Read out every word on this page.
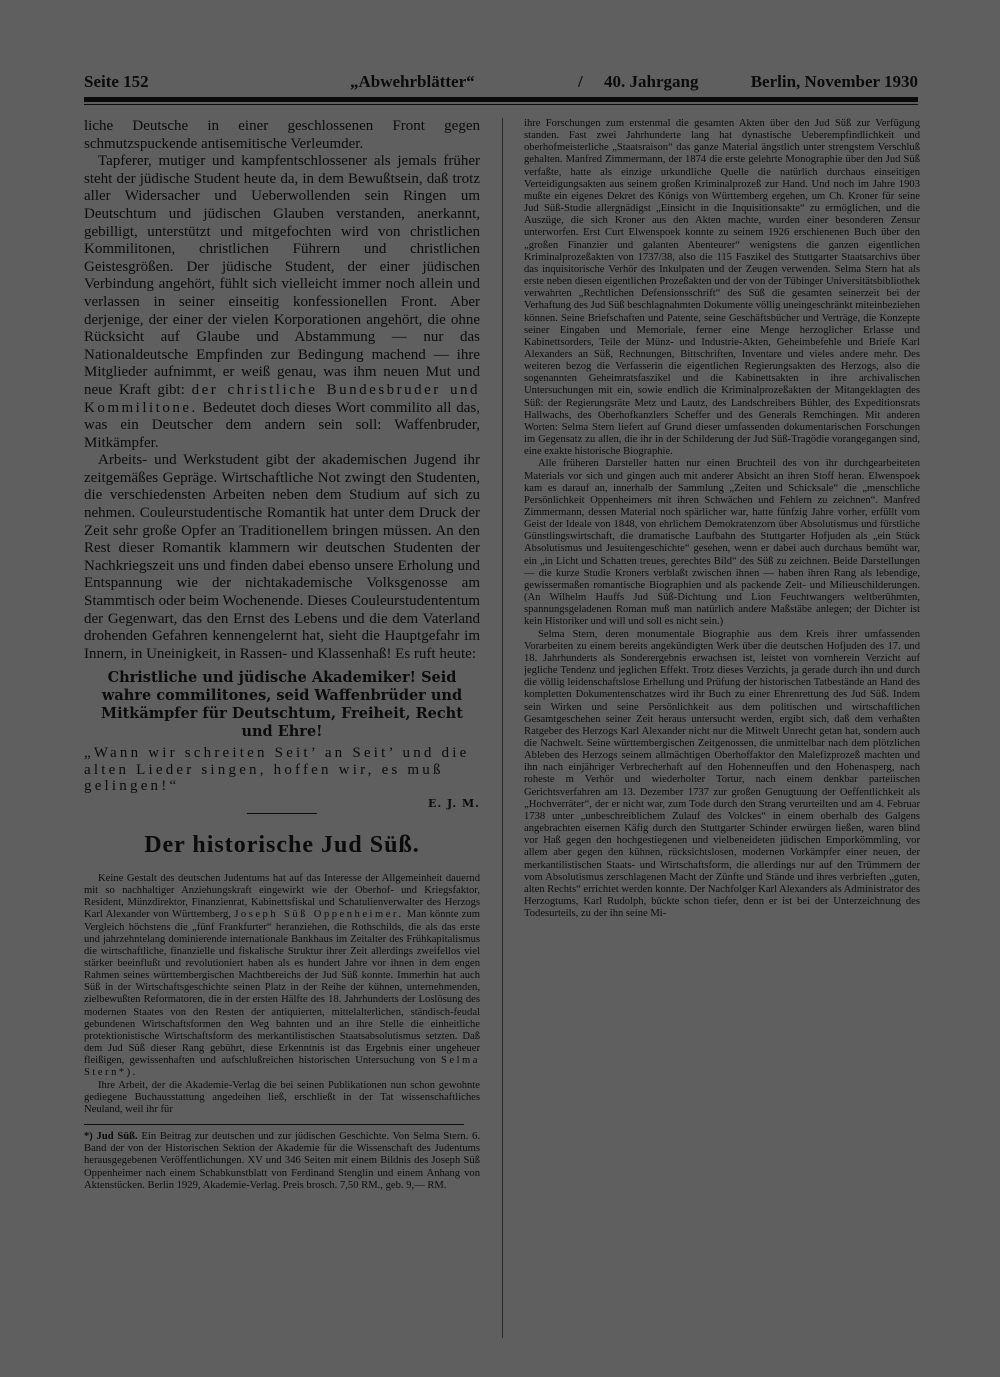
Seite 152	„Abwehrblätter“	/ 40. Jahrgang	Berlin, November 1930

liche Deutsche in einer geschlossenen Front gegen schmutzspuckende antisemitische Verleumder.

Tapferer, mutiger und kampfentschlossener als jemals früher steht der jüdische Student heute da, in dem Bewußtsein, daß trotz aller Widersacher und Ueberwollenden sein Ringen um Deutschtum und jüdischen Glauben verstanden, anerkannt, gebilligt, unterstützt und mitgefochten wird von christlichen Kommilitonen, christlichen Führern und christlichen Geistesgrößen. Der jüdische Student, der einer jüdischen Verbindung angehört, fühlt sich vielleicht immer noch allein und verlassen in seiner einseitig konfessionellen Front. Aber derjenige, der einer der vielen Korporationen angehört, die ohne Rücksicht auf Glaube und Abstammung — nur das Nationaldeutsche Empfinden zur Bedingung machend — ihre Mitglieder aufnimmt, er weiß genau, was ihm neuen Mut und neue Kraft gibt: der christliche Bundesbruder und Kommilitone. Bedeutet doch dieses Wort commilito all das, was ein Deutscher dem andern sein soll: Waffenbruder, Mitkämpfer.

Arbeits- und Werkstudent gibt der akademischen Jugend ihr zeitgemäßes Gepräge. Wirtschaftliche Not zwingt den Studenten, die verschiedensten Arbeiten neben dem Studium auf sich zu nehmen. Couleurstudentische Romantik hat unter dem Druck der Zeit sehr große Opfer an Traditionellem bringen müssen. An den Rest dieser Romantik klammern wir deutschen Studenten der Nachkriegszeit uns und finden dabei ebenso unsere Erholung und Entspannung wie der nichtakademische Volksgenosse am Stammtisch oder beim Wochenende. Dieses Couleurstudententum der Gegenwart, das den Ernst des Lebens und die dem Vaterland drohenden Gefahren kennengelernt hat, sieht die Hauptgefahr im Innern, in Uneinigkeit, in Rassen- und Klassenhaß! Es ruft heute:

Christliche und jüdische Akademiker! Seid wahre commilitones, seid Waffenbrüder und Mitkämpfer für Deutschtum, Freiheit, Recht und Ehre!

„Wann wir schreiten Seit’ an Seit’ und die alten Lieder singen, hoffen wir, es muß gelingen!“

E. J. M.
Der historische Jud Süß.

Keine Gestalt des deutschen Judentums hat auf das Interesse der Allgemeinheit dauernd mit so nachhaltiger Anziehungskraft eingewirkt wie der Oberhof- und Kriegsfaktor, Resident, Münzdirektor, Finanzienrat, Kabinettsfiskal und Schatulienverwalter des Herzogs Karl Alexander von Württemberg, Joseph Süß Oppenheimer. Man könnte zum Vergleich höchstens die „fünf Frankfurter“ heranziehen, die Rothschilds, die als das erste und jahrzehntelang dominierende internationale Bankhaus im Zeitalter des Frühkapitalismus die wirtschaftliche, finanzielle und fiskalische Struktur ihrer Zeit allerdings zweifellos viel stärker beeinflußt und revolutioniert haben als es hundert Jahre vor ihnen in dem engen Rahmen seines württembergischen Machtbereichs der Jud Süß konnte. Immerhin hat auch Süß in der Wirtschaftsgeschichte seinen Platz in der Reihe der kühnen, unternehmenden, zielbewußten Reformatoren, die in der ersten Hälfte des 18. Jahrhunderts der Loslösung des modernen Staates von den Resten der antiquierten, mittelalterlichen, ständisch-feudal gebundenen Wirtschaftsformen den Weg bahnten und an ihre Stelle die einheitliche protektionistische Wirtschaftsform des merkantilistischen Staatsabsolutismus setzten. Daß dem Jud Süß dieser Rang gebührt, diese Erkenntnis ist das Ergebnis einer ungeheuer fleißigen, gewissenhaften und aufschlußreichen historischen Untersuchung von Selma Stern*).

Ihre Arbeit, der die Akademie-Verlag die bei seinen Publikationen nun schon gewohnte gediegene Buchausstattung angedeihen ließ, erschließt in der Tat wissenschaftliches Neuland, weil ihr für

*) Jud Süß. Ein Beitrag zur deutschen und zur jüdischen Geschichte. Von Selma Stern. 6. Band der von der Historischen Sektion der Akademie für die Wissenschaft des Judentums herausgegebenen Veröffentlichungen. XV und 346 Seiten mit einem Bildnis des Joseph Süß Oppenheimer nach einem Schabkunstblatt von Ferdinand Stenglin und einem Anhang von Aktenstücken. Berlin 1929, Akademie-Verlag. Preis brosch. 7,50 RM., geb. 9,— RM.

ihre Forschungen zum erstenmal die gesamten Akten über den Jud Süß zur Verfügung standen. Fast zwei Jahrhunderte lang hat dynastische Ueberempfindlichkeit und oberhofmeisterliche „Staatsraison“ das ganze Material ängstlich unter strengstem Verschluß gehalten. Manfred Zimmermann, der 1874 die erste gelehrte Monographie über den Jud Süß verfaßte, hatte als einzige urkundliche Quelle die natürlich durchaus einseitigen Verteidigungsakten aus seinem großen Kriminalprozeß zur Hand. Und noch im Jahre 1903 mußte ein eigenes Dekret des Königs von Württemberg ergehen, um Ch. Kroner für seine Jud Süß-Studie allergnädigst „Einsicht in die Inquisitionsakte“ zu ermöglichen, und die Auszüge, die sich Kroner aus den Akten machte, wurden einer besonderen Zensur unterworfen. Erst Curt Elwenspoek konnte zu seinem 1926 erschienenen Buch über den „großen Finanzier und galanten Abenteurer“ wenigstens die ganzen eigentlichen Kriminalprozeßakten von 1737/38, also die 115 Faszikel des Stuttgarter Staatsarchivs über das inquisitorische Verhör des Inkulpaten und der Zeugen verwenden. Selma Stern hat als erste neben diesen eigentlichen Prozeßakten und der von der Tübinger Universitätsbibliothek verwahrten „Rechtlichen Defensionsschrift“ des Süß die gesamten seinerzeit bei der Verhaftung des Jud Süß beschlagnahmten Dokumente völlig uneingeschränkt miteinbeziehen können. Seine Briefschaften und Patente, seine Geschäftsbücher und Verträge, die Konzepte seiner Eingaben und Memoriale, ferner eine Menge herzoglicher Erlasse und Kabinettsorders, Teile der Münz- und Industrie-Akten, Geheimbefehle und Briefe Karl Alexanders an Süß, Rechnungen, Bittschriften, Inventare und vieles andere mehr. Des weiteren bezog die Verfasserin die eigentlichen Regierungsakten des Herzogs, also die sogenannten Geheimratsfaszikel und die Kabinettsakten in ihre archivalischen Untersuchungen mit ein, sowie endlich die Kriminalprozeßakten der Mitangeklagten des Süß: der Regierungsräte Metz und Lautz, des Landschreibers Bühler, des Expeditionsrats Hallwachs, des Oberhofkanzlers Scheffer und des Generals Remchingen. Mit anderen Worten: Selma Stern liefert auf Grund dieser umfassenden dokumentarischen Forschungen im Gegensatz zu allen, die ihr in der Schilderung der Jud Süß-Tragödie vorangegangen sind, eine exakte historische Biographie.

Alle früheren Darsteller hatten nur einen Bruchteil des von ihr durchgearbeiteten Materials vor sich und gingen auch mit anderer Absicht an ihren Stoff heran. Elwenspoek kam es darauf an, innerhalb der Sammlung „Zeiten und Schicksale“ die „menschliche Persönlichkeit Oppenheimers mit ihren Schwächen und Fehlern zu zeichnen“. Manfred Zimmermann, dessen Material noch spärlicher war, hatte fünfzig Jahre vorher, erfüllt vom Geist der Ideale von 1848, von ehrlichem Demokratenzorn über Absolutismus und fürstliche Günstlingswirtschaft, die dramatische Laufbahn des Stuttgarter Hofjuden als „ein Stück Absolutismus und Jesuitengeschichte“ gesehen, wenn er dabei auch durchaus bemüht war, ein „in Licht und Schatten treues, gerechtes Bild“ des Süß zu zeichnen. Beide Darstellungen — die kurze Studie Kroners verblaßt zwischen ihnen — haben ihren Rang als lebendige, gewissermaßen romantische Biographien und als packende Zeit- und Milieuschilderungen. (An Wilhelm Hauffs Jud Süß-Dichtung und Lion Feuchtwangers weltberühmten, spannungsgeladenen Roman muß man natürlich andere Maßstäbe anlegen; der Dichter ist kein Historiker und will und soll es nicht sein.)

Selma Stern, deren monumentale Biographie aus dem Kreis ihrer umfassenden Vorarbeiten zu einem bereits angekündigten Werk über die deutschen Hofjuden des 17. und 18. Jahrhunderts als Sonderergebnis erwachsen ist, leistet von vornherein Verzicht auf jegliche Tendenz und jeglichen Effekt. Trotz dieses Verzichts, ja gerade durch ihn und durch die völlig leidenschaftslose Erhellung und Prüfung der historischen Tatbestände an Hand des kompletten Dokumentenschatzes wird ihr Buch zu einer Ehrenrettung des Jud Süß. Indem sein Wirken und seine Persönlichkeit aus dem politischen und wirtschaftlichen Gesamtgeschehen seiner Zeit heraus untersucht werden, ergibt sich, daß dem verhaßten Ratgeber des Herzogs Karl Alexander nicht nur die Mitwelt Unrecht getan hat, sondern auch die Nachwelt. Seine württembergischen Zeitgenossen, die unmittelbar nach dem plötzlichen Ableben des Herzogs seinem allmächtigen Oberhoffaktor den Malefizprozeß machten und ihn nach einjähriger Verbrecherhaft auf den Hohenneuffen und den Hohenasperg, nach roheste m Verhör und wiederholter Tortur, nach einem denkbar parteiischen Gerichtsverfahren am 13. Dezember 1737 zur großen Genugtuung der Oeffentlichkeit als „Hochverräter“, der er nicht war, zum Tode durch den Strang verurteilten und am 4. Februar 1738 unter „unbeschreiblichem Zulauf des Volckes“ in einem oberhalb des Galgens angebrachten eisernen Käfig durch den Stuttgarter Schinder erwürgen ließen, waren blind vor Haß gegen den hochgestiegenen und vielbeneideten jüdischen Emporkömmling, vor allem aber gegen den kühnen, rücksichtslosen, modernen Vorkämpfer einer neuen, der merkantilistischen Staats- und Wirtschaftsform, die allerdings nur auf den Trümmern der vom Absolutismus zerschlagenen Macht der Zünfte und Stände und ihres verbrieften „guten, alten Rechts“ errichtet werden konnte. Der Nachfolger Karl Alexanders als Administrator des Herzogtums, Karl Rudolph, bückte schon tiefer, denn er ist bei der Unterzeichnung des Todesurteils, zu der ihn seine Mi-
